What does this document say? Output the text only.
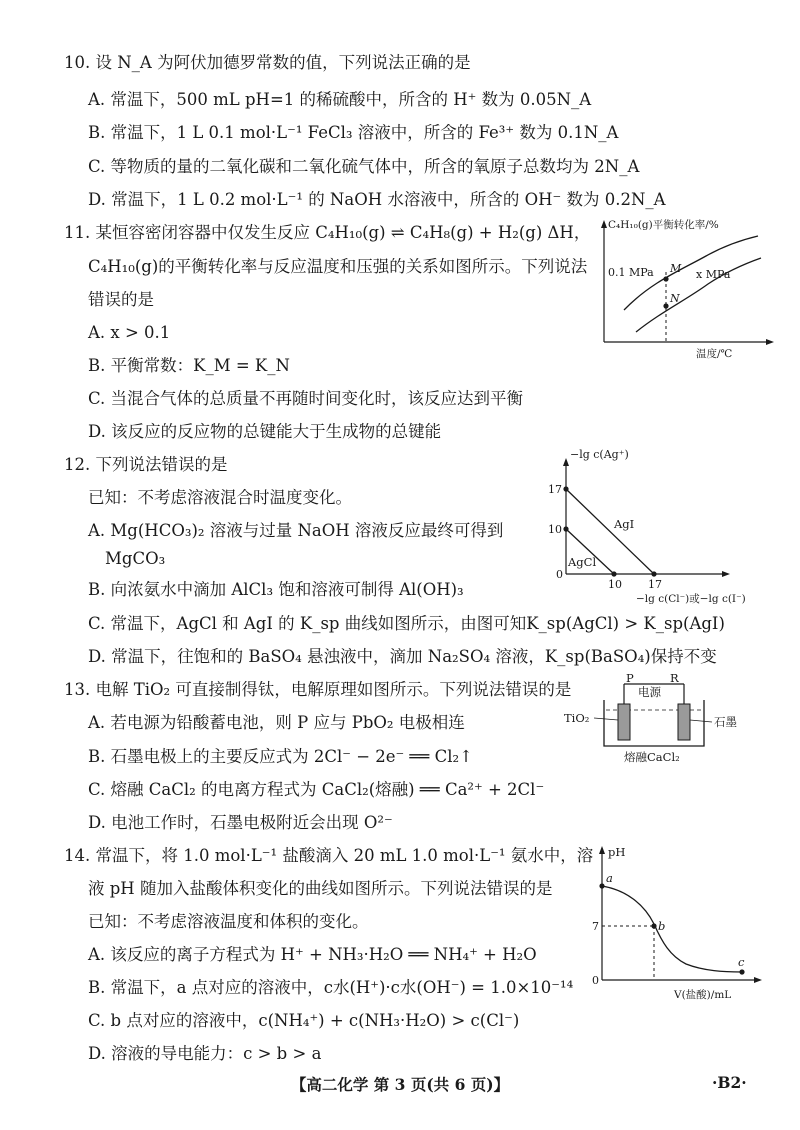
10. 设 N_A 为阿伏加德罗常数的值，下列说法正确的是
A. 常温下，500 mL pH=1 的稀硫酸中，所含的 H⁺ 数为 0.05N_A
B. 常温下，1 L 0.1 mol·L⁻¹ FeCl₃ 溶液中，所含的 Fe³⁺ 数为 0.1N_A
C. 等物质的量的二氧化碳和二氧化硫气体中，所含的氧原子总数均为 2N_A
D. 常温下，1 L 0.2 mol·L⁻¹ 的 NaOH 水溶液中，所含的 OH⁻ 数为 0.2N_A
11. 某恒容密闭容器中仅发生反应 C₄H₁₀(g) ⇌ C₄H₈(g) + H₂(g) ΔH，
C₄H₁₀(g)的平衡转化率与反应温度和压强的关系如图所示。下列说法
错误的是
A. x > 0.1
B. 平衡常数：K_M = K_N
C. 当混合气体的总质量不再随时间变化时，该反应达到平衡
D. 该反应的反应物的总键能大于生成物的总键能
C₄H₁₀(g)平衡转化率/%
温度/℃
0.1 MPa	x MPa
M
N
12. 下列说法错误的是
已知：不考虑溶液混合时温度变化。
A. Mg(HCO₃)₂ 溶液与过量 NaOH 溶液反应最终可得到
MgCO₃
B. 向浓氨水中滴加 AlCl₃ 饱和溶液可制得 Al(OH)₃
C. 常温下，AgCl 和 AgI 的 K_sp 曲线如图所示，由图可知K_sp(AgCl) > K_sp(AgI)
D. 常温下，往饱和的 BaSO₄ 悬浊液中，滴加 Na₂SO₄ 溶液，K_sp(BaSO₄)保持不变
−lg c(Ag⁺)
0
17
10
10 17
−lg c(Cl⁻)或−lg c(I⁻)
AgI
AgCl
13. 电解 TiO₂ 可直接制得钛，电解原理如图所示。下列说法错误的是
A. 若电源为铅酸蓄电池，则 P 应与 PbO₂ 电极相连
B. 石墨电极上的主要反应式为 2Cl⁻ − 2e⁻ ══ Cl₂↑
C. 熔融 CaCl₂ 的电离方程式为 CaCl₂(熔融) ══ Ca²⁺ + 2Cl⁻
D. 电池工作时，石墨电极附近会出现 O²⁻
P
电源
R
TiO₂	石墨
熔融CaCl₂
14. 常温下，将 1.0 mol·L⁻¹ 盐酸滴入 20 mL 1.0 mol·L⁻¹ 氨水中，溶
液 pH 随加入盐酸体积变化的曲线如图所示。下列说法错误的是
已知：不考虑溶液温度和体积的变化。
A. 该反应的离子方程式为 H⁺ + NH₃·H₂O ══ NH₄⁺ + H₂O
B. 常温下，a 点对应的溶液中，c水(H⁺)·c水(OH⁻) = 1.0×10⁻¹⁴
C. b 点对应的溶液中，c(NH₄⁺) + c(NH₃·H₂O) > c(Cl⁻)
D. 溶液的导电能力：c > b > a
pH
0
7
V(盐酸)/mL
a
b
c
【高二化学 第 3 页(共 6 页)】	·B2·
